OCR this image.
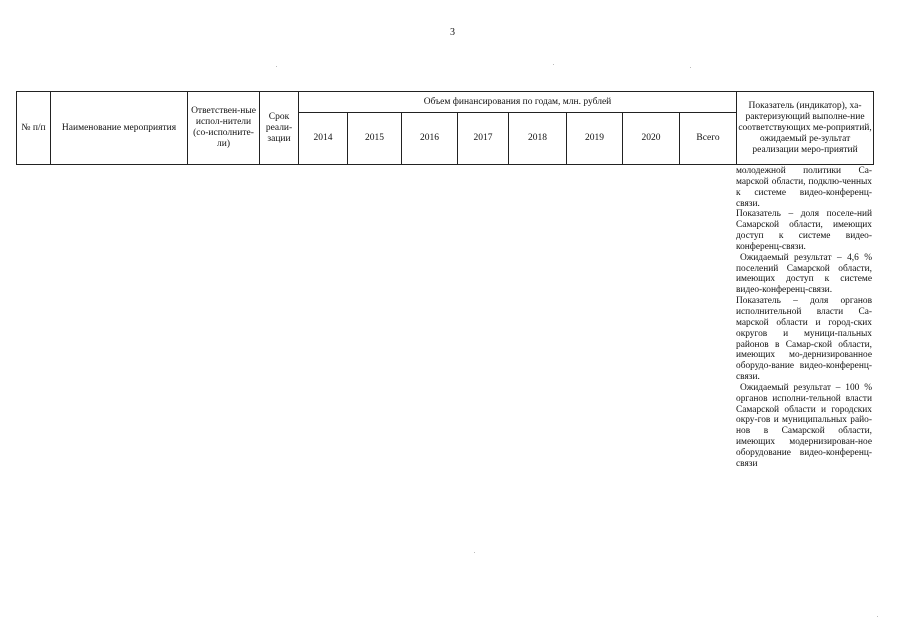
3
№ п/п	Наименование мероприятия	Ответствен-ные испол-нители (со-исполните-ли)	Срок реали-зации	Объем финансирования по годам, млн. рублей								Показатель (индикатор), ха-рактеризующий выполне-ние соответствующих ме-роприятий, ожидаемый ре-зультат реализации меро-приятий
				2014	2015	2016	2017	2018	2019	2020	Всего	

молодежной политики Са-марской области, подклю-ченных к системе видео-конференц-связи.

Показатель – доля поселе-ний Самарской области, имеющих доступ к системе видео-конференц-связи.

Ожидаемый результат – 4,6 % поселений Самарской области, имеющих доступ к системе видео-конференц-связи.

Показатель – доля органов исполнительной власти Са-марской области и город-ских округов и муници-пальных районов в Самар-ской области, имеющих мо-дернизированное оборудо-вание видео-конференц-связи.

Ожидаемый результат – 100 % органов исполни-тельной власти Самарской области и городских окру-гов и муниципальных райо-нов в Самарской области, имеющих модернизирован-ное оборудование видео-конференц-связи
